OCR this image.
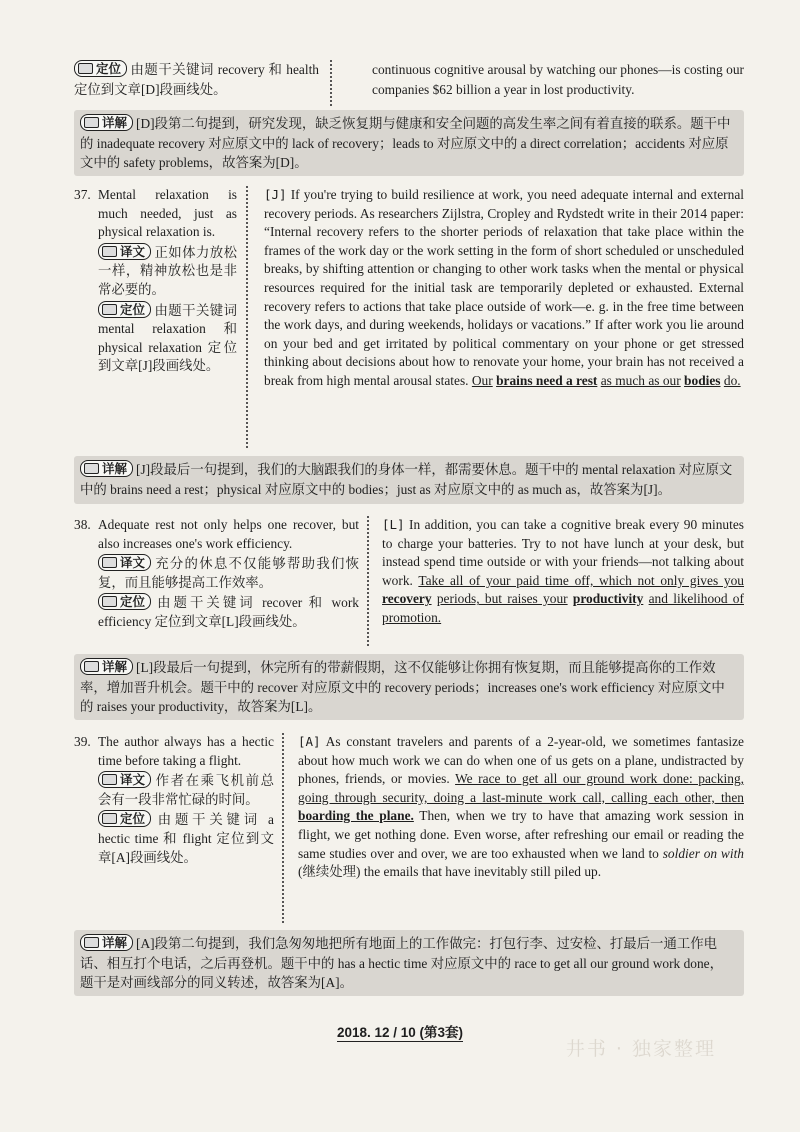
定位 由题干关键词 recovery 和 health 定位到文章[D]段画线处。

continuous cognitive arousal by watching our phones—is costing our companies $62 billion a year in lost productivity.

详解 [D]段第二句提到，研究发现，缺乏恢复期与健康和安全问题的高发生率之间有着直接的联系。题干中的 inadequate recovery 对应原文中的 lack of recovery；leads to 对应原文中的 a direct correlation；accidents 对应原文中的 safety problems，故答案为[D]。
37. Mental relaxation is much needed, just as physical relaxation is.

译文 正如体力放松一样，精神放松也是非常必要的。

定位 由题干关键词 mental relaxation 和 physical relaxation 定位到文章[J]段画线处。

[J] If you're trying to build resilience at work, you need adequate internal and external recovery periods. As researchers Zijlstra, Cropley and Rydstedt write in their 2014 paper: “Internal recovery refers to the shorter periods of relaxation that take place within the frames of the work day or the work setting in the form of short scheduled or unscheduled breaks, by shifting attention or changing to other work tasks when the mental or physical resources required for the initial task are temporarily depleted or exhausted. External recovery refers to actions that take place outside of work—e. g. in the free time between the work days, and during weekends, holidays or vacations.” If after work you lie around on your bed and get irritated by political commentary on your phone or get stressed thinking about decisions about how to renovate your home, your brain has not received a break from high mental arousal states. Our brains need a rest as much as our bodies do.

详解 [J]段最后一句提到，我们的大脑跟我们的身体一样，都需要休息。题干中的 mental relaxation 对应原文中的 brains need a rest；physical 对应原文中的 bodies；just as 对应原文中的 as much as，故答案为[J]。
38. Adequate rest not only helps one recover, but also increases one's work efficiency.

译文 充分的休息不仅能够帮助我们恢复，而且能够提高工作效率。

定位 由题干关键词 recover 和 work efficiency 定位到文章[L]段画线处。

[L] In addition, you can take a cognitive break every 90 minutes to charge your batteries. Try to not have lunch at your desk, but instead spend time outside or with your friends—not talking about work. Take all of your paid time off, which not only gives you recovery periods, but raises your productivity and likelihood of promotion.

详解 [L]段最后一句提到，休完所有的带薪假期，这不仅能够让你拥有恢复期，而且能够提高你的工作效率，增加晋升机会。题干中的 recover 对应原文中的 recovery periods；increases one's work efficiency 对应原文中的 raises your productivity，故答案为[L]。
39. The author always has a hectic time before taking a flight.

译文 作者在乘飞机前总会有一段非常忙碌的时间。

定位 由题干关键词 a hectic time 和 flight 定位到文章[A]段画线处。

[A] As constant travelers and parents of a 2-year-old, we sometimes fantasize about how much work we can do when one of us gets on a plane, undistracted by phones, friends, or movies. We race to get all our ground work done: packing, going through security, doing a last-minute work call, calling each other, then boarding the plane. Then, when we try to have that amazing work session in flight, we get nothing done. Even worse, after refreshing our email or reading the same studies over and over, we are too exhausted when we land to soldier on with (继续处理) the emails that have inevitably still piled up.

详解 [A]段第二句提到，我们急匆匆地把所有地面上的工作做完：打包行李、过安检、打最后一通工作电话、相互打个电话，之后再登机。题干中的 has a hectic time 对应原文中的 race to get all our ground work done，题干是对画线部分的同义转述，故答案为[A]。
2018. 12 / 10 (第3套)
井书 · 独家整理
